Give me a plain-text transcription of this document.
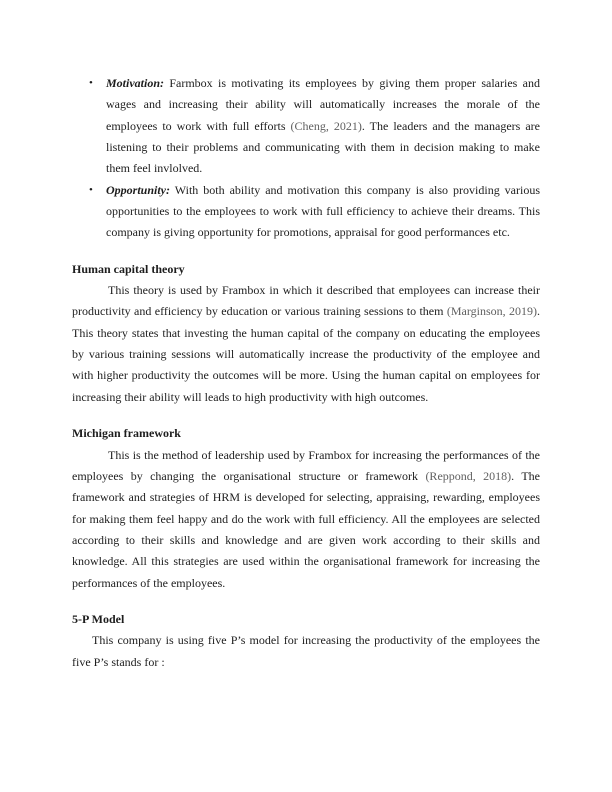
• Motivation: Farmbox is motivating its employees by giving them proper salaries and wages and increasing their ability will automatically increases the morale of the employees to work with full efforts (Cheng, 2021). The leaders and the managers are listening to their problems and communicating with them in decision making to make them feel invlolved.
• Opportunity: With both ability and motivation this company is also providing various opportunities to the employees to work with full efficiency to achieve their dreams. This company is giving opportunity for promotions, appraisal for good performances etc.
Human capital theory

This theory is used by Frambox in which it described that employees can increase their productivity and efficiency by education or various training sessions to them (Marginson, 2019). This theory states that investing the human capital of the company on educating the employees by various training sessions will automatically increase the productivity of the employee and with higher productivity the outcomes will be more. Using the human capital on employees for increasing their ability will leads to high productivity with high outcomes.

Michigan framework

This is the method of leadership used by Frambox for increasing the performances of the employees by changing the organisational structure or framework (Reppond, 2018). The framework and strategies of HRM is developed for selecting, appraising, rewarding, employees for making them feel happy and do the work with full efficiency. All the employees are selected according to their skills and knowledge and are given work according to their skills and knowledge. All this strategies are used within the organisational framework for increasing the performances of the employees.

5-P Model

This company is using five P’s model for increasing the productivity of the employees the five P’s stands for :
